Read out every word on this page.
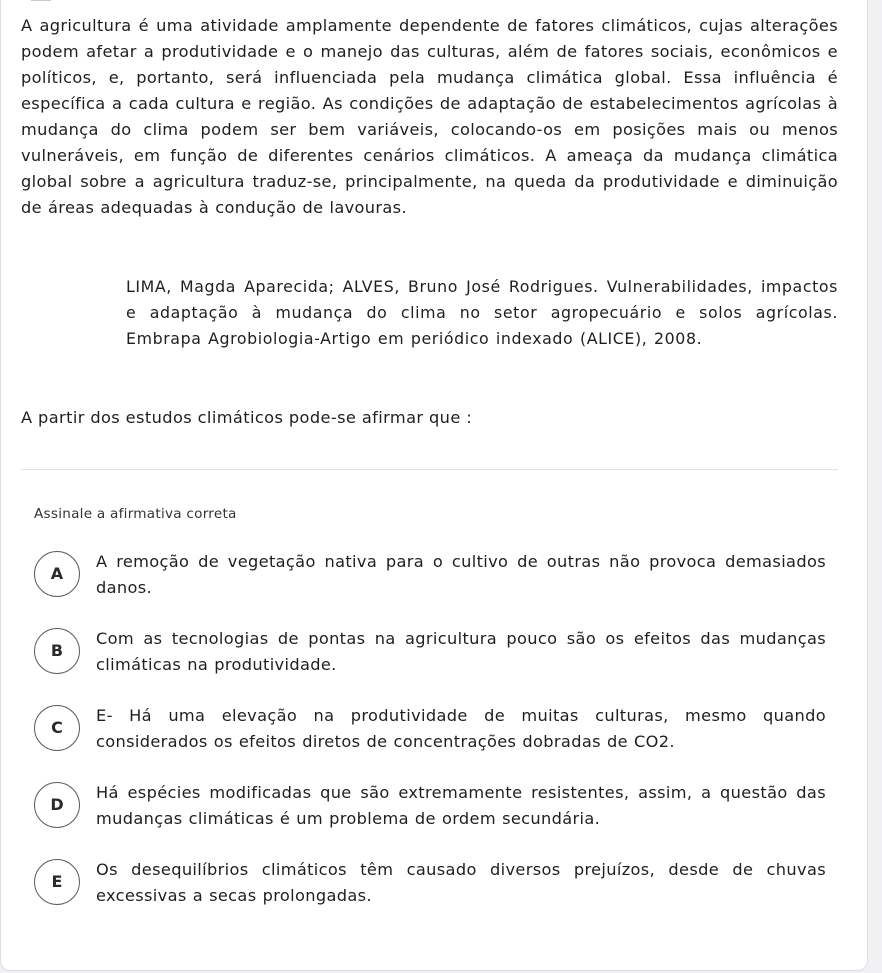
A agricultura é uma atividade amplamente dependente de fatores climáticos, cujas alterações podem afetar a produtividade e o manejo das culturas, além de fatores sociais, econômicos e políticos, e, portanto, será influenciada pela mudança climática global. Essa influência é específica a cada cultura e região. As condições de adaptação de estabelecimentos agrícolas à mudança do clima podem ser bem variáveis, colocando-os em posições mais ou menos vulneráveis, em função de diferentes cenários climáticos. A ameaça da mudança climática global sobre a agricultura traduz-se, principalmente, na queda da produtividade e diminuição de áreas adequadas à condução de lavouras.

LIMA, Magda Aparecida; ALVES, Bruno José Rodrigues. Vulnerabilidades, impactos e adaptação à mudança do clima no setor agropecuário e solos agrícolas. Embrapa Agrobiologia-Artigo em periódico indexado (ALICE), 2008.

A partir dos estudos climáticos pode-se afirmar que :

Assinale a afirmativa correta

A

A remoção de vegetação nativa para o cultivo de outras não provoca demasiados danos.

B

Com as tecnologias de pontas na agricultura pouco são os efeitos das mudanças climáticas na produtividade.

C

E- Há uma elevação na produtividade de muitas culturas, mesmo quando considerados os efeitos diretos de concentrações dobradas de CO2.

D

Há espécies modificadas que são extremamente resistentes, assim, a questão das mudanças climáticas é um problema de ordem secundária.

E

Os desequilíbrios climáticos têm causado diversos prejuízos, desde de chuvas excessivas a secas prolongadas.
